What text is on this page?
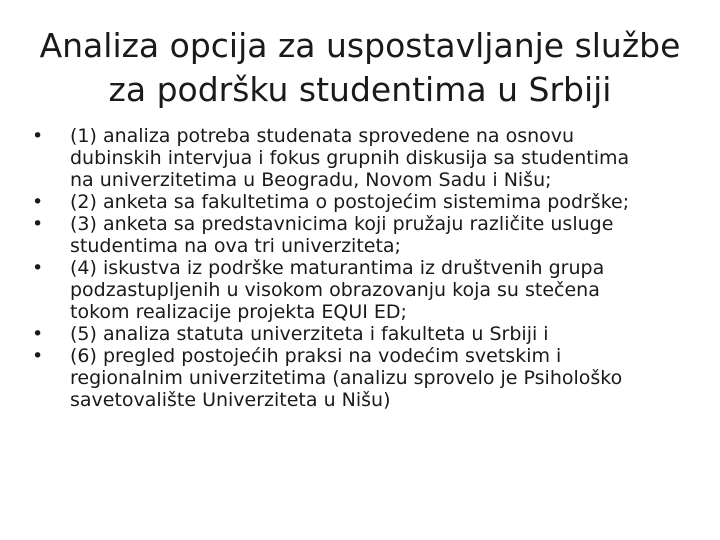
Analiza opcija za uspostavljanje službe
za podršku studentima u Srbiji
•	(1) analiza potreba studenata sprovedene na osnovu
dubinskih intervjua i fokus grupnih diskusija sa studentima
na univerzitetima u Beogradu, Novom Sadu i Nišu;
•	(2) anketa sa fakultetima o postojećim sistemima podrške;
•	(3) anketa sa predstavnicima koji pružaju različite usluge
studentima na ova tri univerziteta;
•	(4) iskustva iz podrške maturantima iz društvenih grupa
podzastupljenih u visokom obrazovanju koja su stečena
tokom realizacije projekta EQUI ED;
•	(5) analiza statuta univerziteta i fakulteta u Srbiji i
•	(6) pregled postojećih praksi na vodećim svetskim i
regionalnim univerzitetima (analizu sprovelo je Psihološko
savetovalište Univerziteta u Nišu)
